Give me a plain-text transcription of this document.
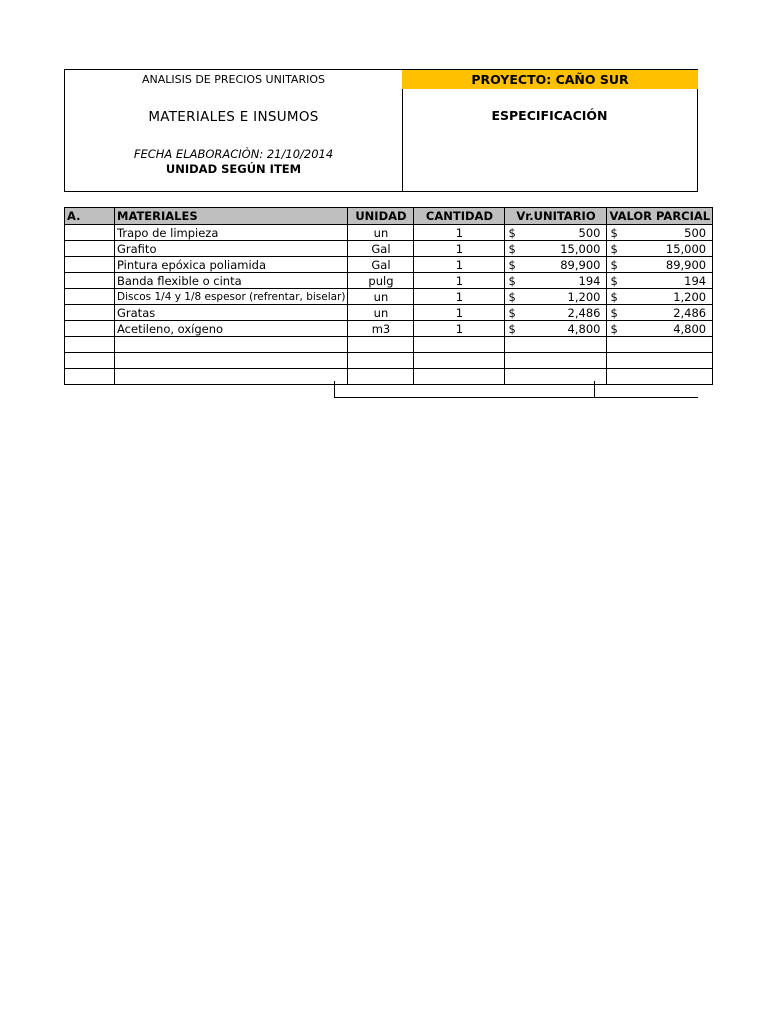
ANALISIS DE PRECIOS UNITARIOS
MATERIALES E INSUMOS
FECHA ELABORACIÒN: 21/10/2014
UNIDAD SEGÚN ITEM
PROYECTO: CAÑO SUR
ESPECIFICACIÓN
A.	MATERIALES	UNIDAD	CANTIDAD	Vr.UNITARIO	VALOR PARCIAL
	Trapo de limpieza	un	1	$ 500	$ 500

	Grafito	Gal	1	$ 15,000	$ 15,000

	Pintura epóxica poliamida	Gal	1	$ 89,900	$ 89,900

	Banda flexible o cinta	pulg	1	$ 194	$ 194

	Discos 1/4 y 1/8 espesor (refrentar, biselar)	un	1	$ 1,200	$ 1,200

	Gratas	un	1	$ 2,486	$ 2,486

	Acetileno, oxígeno	m3	1	$ 4,800	$ 4,800
